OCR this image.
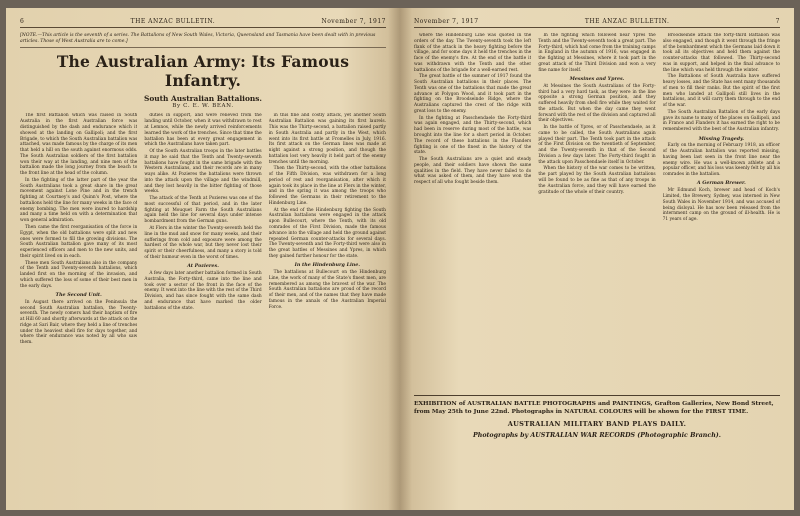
6	THE ANZAC BULLETIN.	November 7, 1917
[NOTE.—This article is the seventh of a series. The Battalions of New South Wales, Victoria, Queensland and Tasmania have been dealt with in previous articles. Those of West Australia are to come.]
The Australian Army: Its Famous Infantry.
South Australian Battalions.
By C. E. W. BEAN.

The first Battalion which was raised in South Australia in the first Australian force was distinguished by the dash and endurance which it showed at the landing on Gallipoli; and the first Brigade, to which the South Australian battalion was attached, was made famous by the charge of its men that held a hill on the south against enormous odds. The South Australian soldiers of the first battalion won their way at the landing, and nine men of the battalion made the long journey from the beach to the front line at the head of the column.

In the fighting of the latter part of the year the South Australians took a great share in the great movement against Lone Pine and in the trench fighting at Courtney's and Quinn's Post, where the battalions held the line for many weeks in the face of enemy bombing. The men were inured to hardship and many a time held on with a determination that won general admiration.

Then came the first reorganisation of the force in Egypt, when the old battalions were split and new ones were formed to fill the growing divisions. The South Australian battalion gave many of its most experienced officers and men to the new units, and their spirit lived on in each.

These men South Australians also in the company of the Tenth and Twenty-seventh battalions, which landed first on the morning of the invasion, and which suffered the loss of some of their best men in the early days.

The Second Unit.

In August there arrived on the Peninsula the second South Australian battalion, the Twenty-seventh. The newly comers had their baptism of fire at Hill 60 and shortly afterwards at the attack on the ridge at Sari Bair, where they held a line of trenches under the heaviest shell fire for days together, and where their endurance was noted by all who saw them.

duties in support, and were relieved from the landing until October, when it was withdrawn to rest at Lemnos, while the newly arrived reinforcements learned the work of the trenches. Since that time the battalion has been at every great engagement in which the Australians have taken part.

Of the South Australian troops in the later battles it may be said that the Tenth and Twenty-seventh battalions have fought in the same brigade with the Western Australians, and their records are in many ways alike. At Pozieres the battalions were thrown into the attack upon the village and the windmill, and they lost heavily in the bitter fighting of those weeks.

The attack of the Tenth at Pozieres was one of the most successful of that period, and in the later fighting at Mouquet Farm the South Australians again held the line for several days under intense bombardment from the German guns.

At Flers in the winter the Twenty-seventh held the line in the mud and snow for many weeks, and their sufferings from cold and exposure were among the hardest of the whole war, but they never lost their spirit or their cheerfulness, and many a story is told of their humour even in the worst of times.

At Pozieres.

A few days later another battalion formed in South Australia, the Forty-third, came into the line and took over a sector of the front in the face of the enemy. It went into the line with the rest of the Third Division, and has since fought with the same dash and endurance that have marked the older battalions of the state.

in this fine and costly attack, yet another South Australian Battalion was gaining its first laurels. This was the Thirty-second, a battalion raised partly in South Australia and partly in the West, which went into its first battle at Fromelles in July, 1916. Its first attack on the German lines was made at night against a strong position, and though the battalion lost very heavily it held part of the enemy trenches until the morning.

Then the Thirty-second, with the other battalions of the Fifth Division, was withdrawn for a long period of rest and reorganisation, after which it again took its place in the line at Flers in the winter, and in the spring it was among the troops who followed the Germans in their retirement to the Hindenburg Line.

At the end of the Hindenburg fighting the South Australian battalions were engaged in the attack upon Bullecourt, where the Tenth, with its old comrades of the First Division, made the famous advance into the village and held the ground against repeated German counter-attacks for several days. The Twenty-seventh and the Forty-third were also in the great battles of Messines and Ypres, in which they gained further honour for the state.

In the Hindenburg Line.

The battalions at Bullecourt on the Hindenburg Line, the work of many of the State's finest men, are remembered as among the bravest of the war. The South Australian battalions are proud of the record of their men, and of the names that they have made famous in the annals of the Australian Imperial Force.

November 7, 1917	THE ANZAC BULLETIN.	7

where the Hindenburg Line was quoted in the orders of the day. The Twenty-seventh took the left flank of the attack in the heavy fighting before the village, and for some days it held the trenches in the face of the enemy's fire. At the end of the battle it was withdrawn with the Tenth and the other battalions of the brigade for a well-earned rest.

The great battle of the summer of 1917 found the South Australian battalions in their places. The Tenth was one of the battalions that made the great advance at Polygon Wood, and it took part in the fighting on the Broodseinde Ridge, where the Australians captured the crest of the ridge with great loss to the enemy.

In the fighting at Passchendaele the Forty-third was again engaged, and the Thirty-second, which had been in reserve during most of the battle, was brought into the line for a short period in October. The record of these battalions in the Flanders fighting is one of the finest in the history of the state.

The South Australians are a quiet and steady people, and their soldiers have shown the same qualities in the field. They have never failed to do what was asked of them, and they have won the respect of all who fought beside them.

In the fighting which followed near Ypres the Tenth and the Twenty-seventh took a great part. The Forty-third, which had come from the training camps in England in the autumn of 1916, was engaged in the fighting at Messines, where it took part in the great attack of the Third Division and won a very fine name for itself.

Messines and Ypres.

At Messines the South Australians of the Forty-third had a very hard task, as they were in the line opposite a strong German position, and they suffered heavily from shell fire while they waited for the attack. But when the day came they went forward with the rest of the division and captured all their objectives.

In the battle of Ypres, or of Passchendaele, as it came to be called, the South Australians again played their part. The Tenth took part in the attack of the First Division on the twentieth of September, and the Twenty-seventh in that of the Second Division a few days later. The Forty-third fought in the attack upon Passchendaele itself in October.

When the history of the war comes to be written, the part played by the South Australian battalions will be found to be as fine as that of any troops in the Australian force, and they will have earned the gratitude of the whole of their country.

Broodseinde attack the forty-third Battalion was also engaged, and though it went through the fringe of the bombardment which the Germans laid down it took all its objectives and held them against the counter-attacks that followed. The Thirty-second was in support, and helped in the final advance to the line which was held through the winter.

The Battalions of South Australia have suffered heavy losses, and the State has sent many thousands of men to fill their ranks. But the spirit of the first men who landed at Gallipoli still lives in the battalions, and it will carry them through to the end of the war.

The South Australian Battalion of the early days gave its name to many of the places on Gallipoli, and in France and Flanders it has earned the right to be remembered with the best of the Australian infantry.

Missing Tragedy.

Early on the morning of February 1918, an officer of the Australian battalion was reported missing, having been last seen in the front line near the enemy wire. He was a well-known athlete and a popular officer, and his loss was keenly felt by all his comrades in the battalion.

A German Brewer.

Mr Edmund Koch, brewer and head of Koch's Limited, the Brewery, Sydney, was interned in New South Wales in November 1914, and was accused of being disloyal. He has now been released from the internment camp on the ground of ill-health. He is 71 years of age.

EXHIBITION of AUSTRALIAN BATTLE PHOTOGRAPHS and PAINTINGS, Grafton Galleries, New Bond Street, from May 25th to June 22nd. Photographs in NATURAL COLOURS will be shown for the FIRST TIME.
AUSTRALIAN MILITARY BAND PLAYS DAILY.
Photographs by AUSTRALIAN WAR RECORDS (Photographic Branch).
